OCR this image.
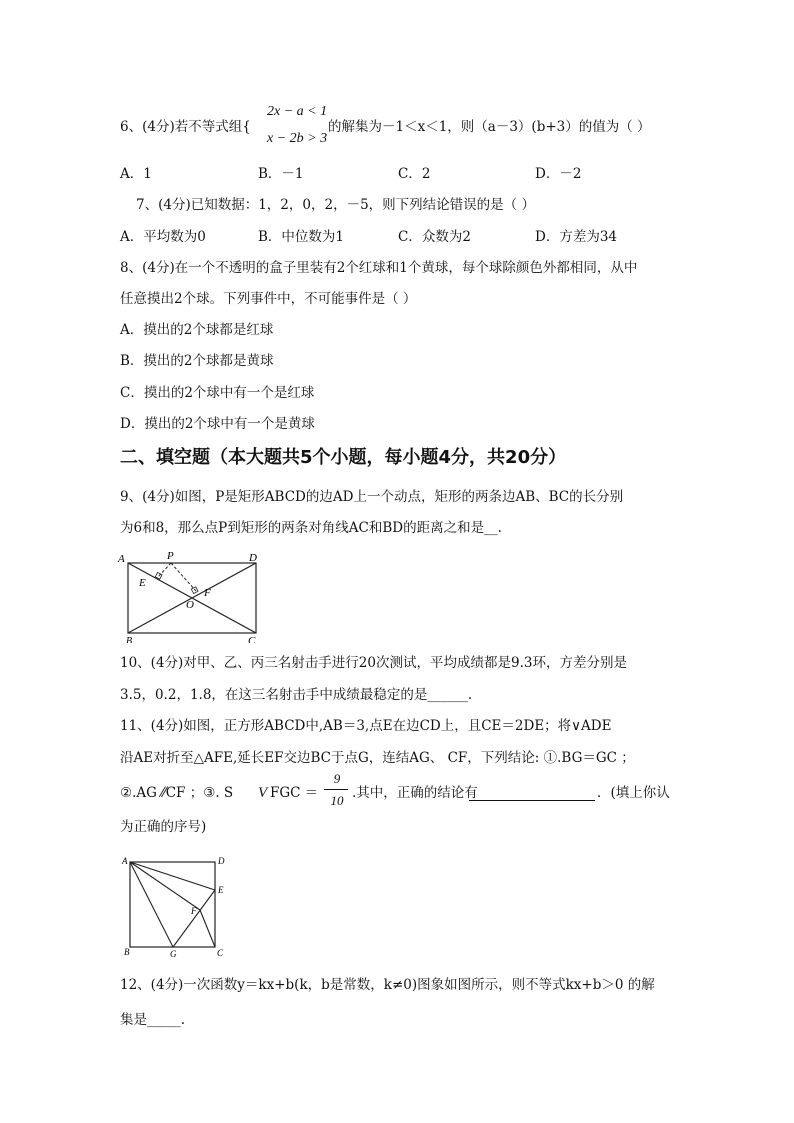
6、(4分)若不等式组{
2x − a < 1
x − 2b > 3
的解集为－1＜x＜1，则（a－3）(b+3）的值为（ ）
A．1	B．－1	C．2	D．－2
7、(4分)已知数据：1，2，0，2，－5，则下列结论错误的是（ ）
A．平均数为0	B．中位数为1	C．众数为2	D．方差为34
8、(4分)在一个不透明的盒子里装有2个红球和1个黄球，每个球除颜色外都相同，从中
任意摸出2个球。下列事件中，不可能事件是（ ）
A．摸出的2个球都是红球
B．摸出的2个球都是黄球
C．摸出的2个球中有一个是红球
D．摸出的2个球中有一个是黄球
二、填空题（本大题共5个小题，每小题4分，共20分）
9、(4分)如图，P是矩形ABCD的边AD上一个动点，矩形的两条边AB、BC的长分别
为6和8，那么点P到矩形的两条对角线AC和BD的距离之和是__.
A	P	D
E
F
O
B	C
10、(4分)对甲、乙、丙三名射击手进行20次测试，平均成绩都是9.3环，方差分别是
3.5，0.2，1.8，在这三名射击手中成绩最稳定的是______.
11、(4分)如图，正方形ABCD中,AB＝3,点E在边CD上，且CE＝2DE；将∨ADE
沿AE对折至△AFE,延长EF交边BC于点G，连结AG、 CF，下列结论: ①.BG＝GC ；
②.AG ⁄⁄CF ；③. S V FGC ＝
9
10 .其中，正确的结论有	．(填上你认
为正确的序号)
A	D
E
F
B	G	C
12、(4分)一次函数y＝kx+b(k，b是常数，k≠0)图象如图所示，则不等式kx+b＞0 的解
集是_____.
